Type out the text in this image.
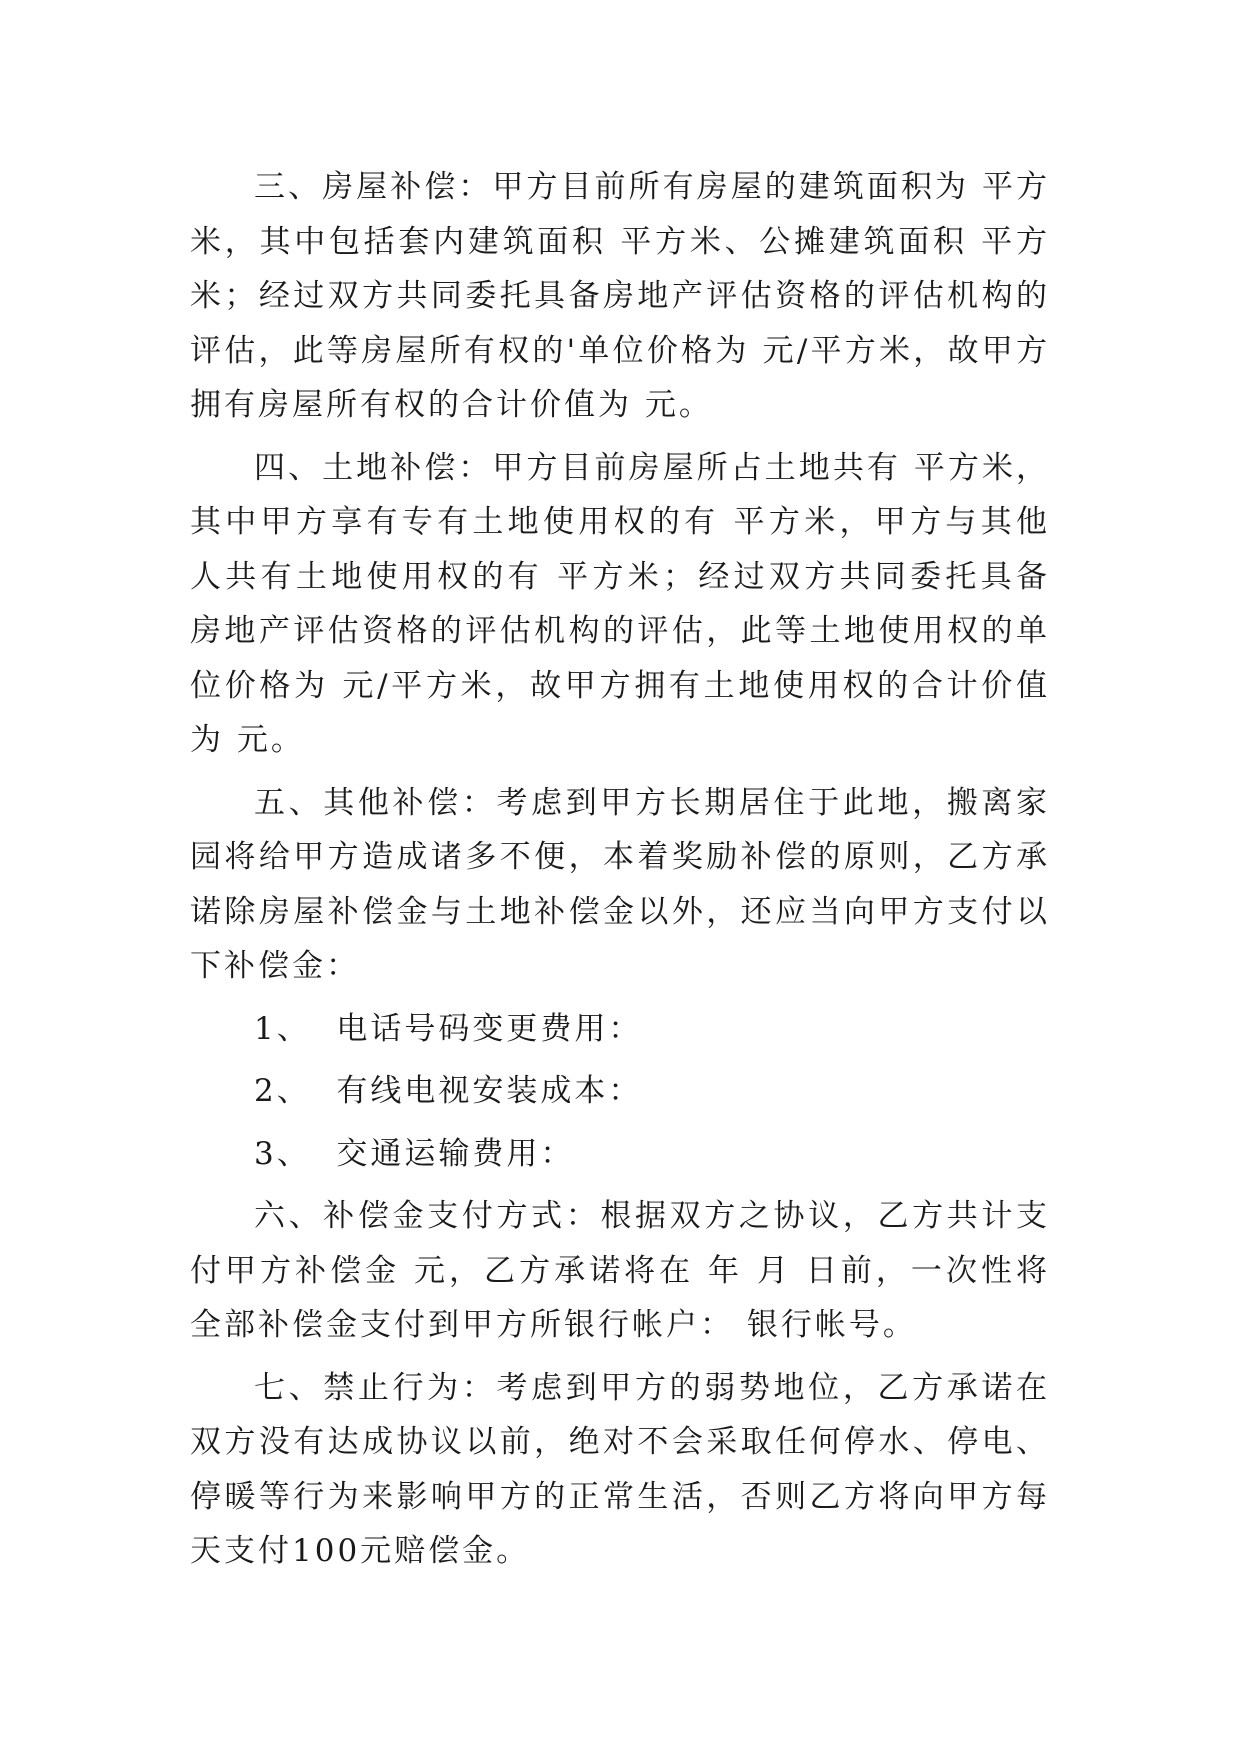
三、房屋补偿：甲方目前所有房屋的建筑面积为 平方米，其中包括套内建筑面积 平方米、公摊建筑面积 平方米；经过双方共同委托具备房地产评估资格的评估机构的评估，此等房屋所有权的'单位价格为 元/平方米，故甲方拥有房屋所有权的合计价值为 元。

四、土地补偿：甲方目前房屋所占土地共有 平方米，其中甲方享有专有土地使用权的有 平方米，甲方与其他人共有土地使用权的有 平方米；经过双方共同委托具备房地产评估资格的评估机构的评估，此等土地使用权的单位价格为 元/平方米，故甲方拥有土地使用权的合计价值为 元。

五、其他补偿：考虑到甲方长期居住于此地，搬离家园将给甲方造成诸多不便，本着奖励补偿的原则，乙方承诺除房屋补偿金与土地补偿金以外，还应当向甲方支付以下补偿金：

1、  电话号码变更费用：
2、  有线电视安装成本：
3、  交通运输费用：

六、补偿金支付方式：根据双方之协议，乙方共计支付甲方补偿金 元，乙方承诺将在 年 月 日前，一次性将全部补偿金支付到甲方所银行帐户： 银行帐号。

七、禁止行为：考虑到甲方的弱势地位，乙方承诺在双方没有达成协议以前，绝对不会采取任何停水、停电、停暖等行为来影响甲方的正常生活，否则乙方将向甲方每天支付100元赔偿金。
